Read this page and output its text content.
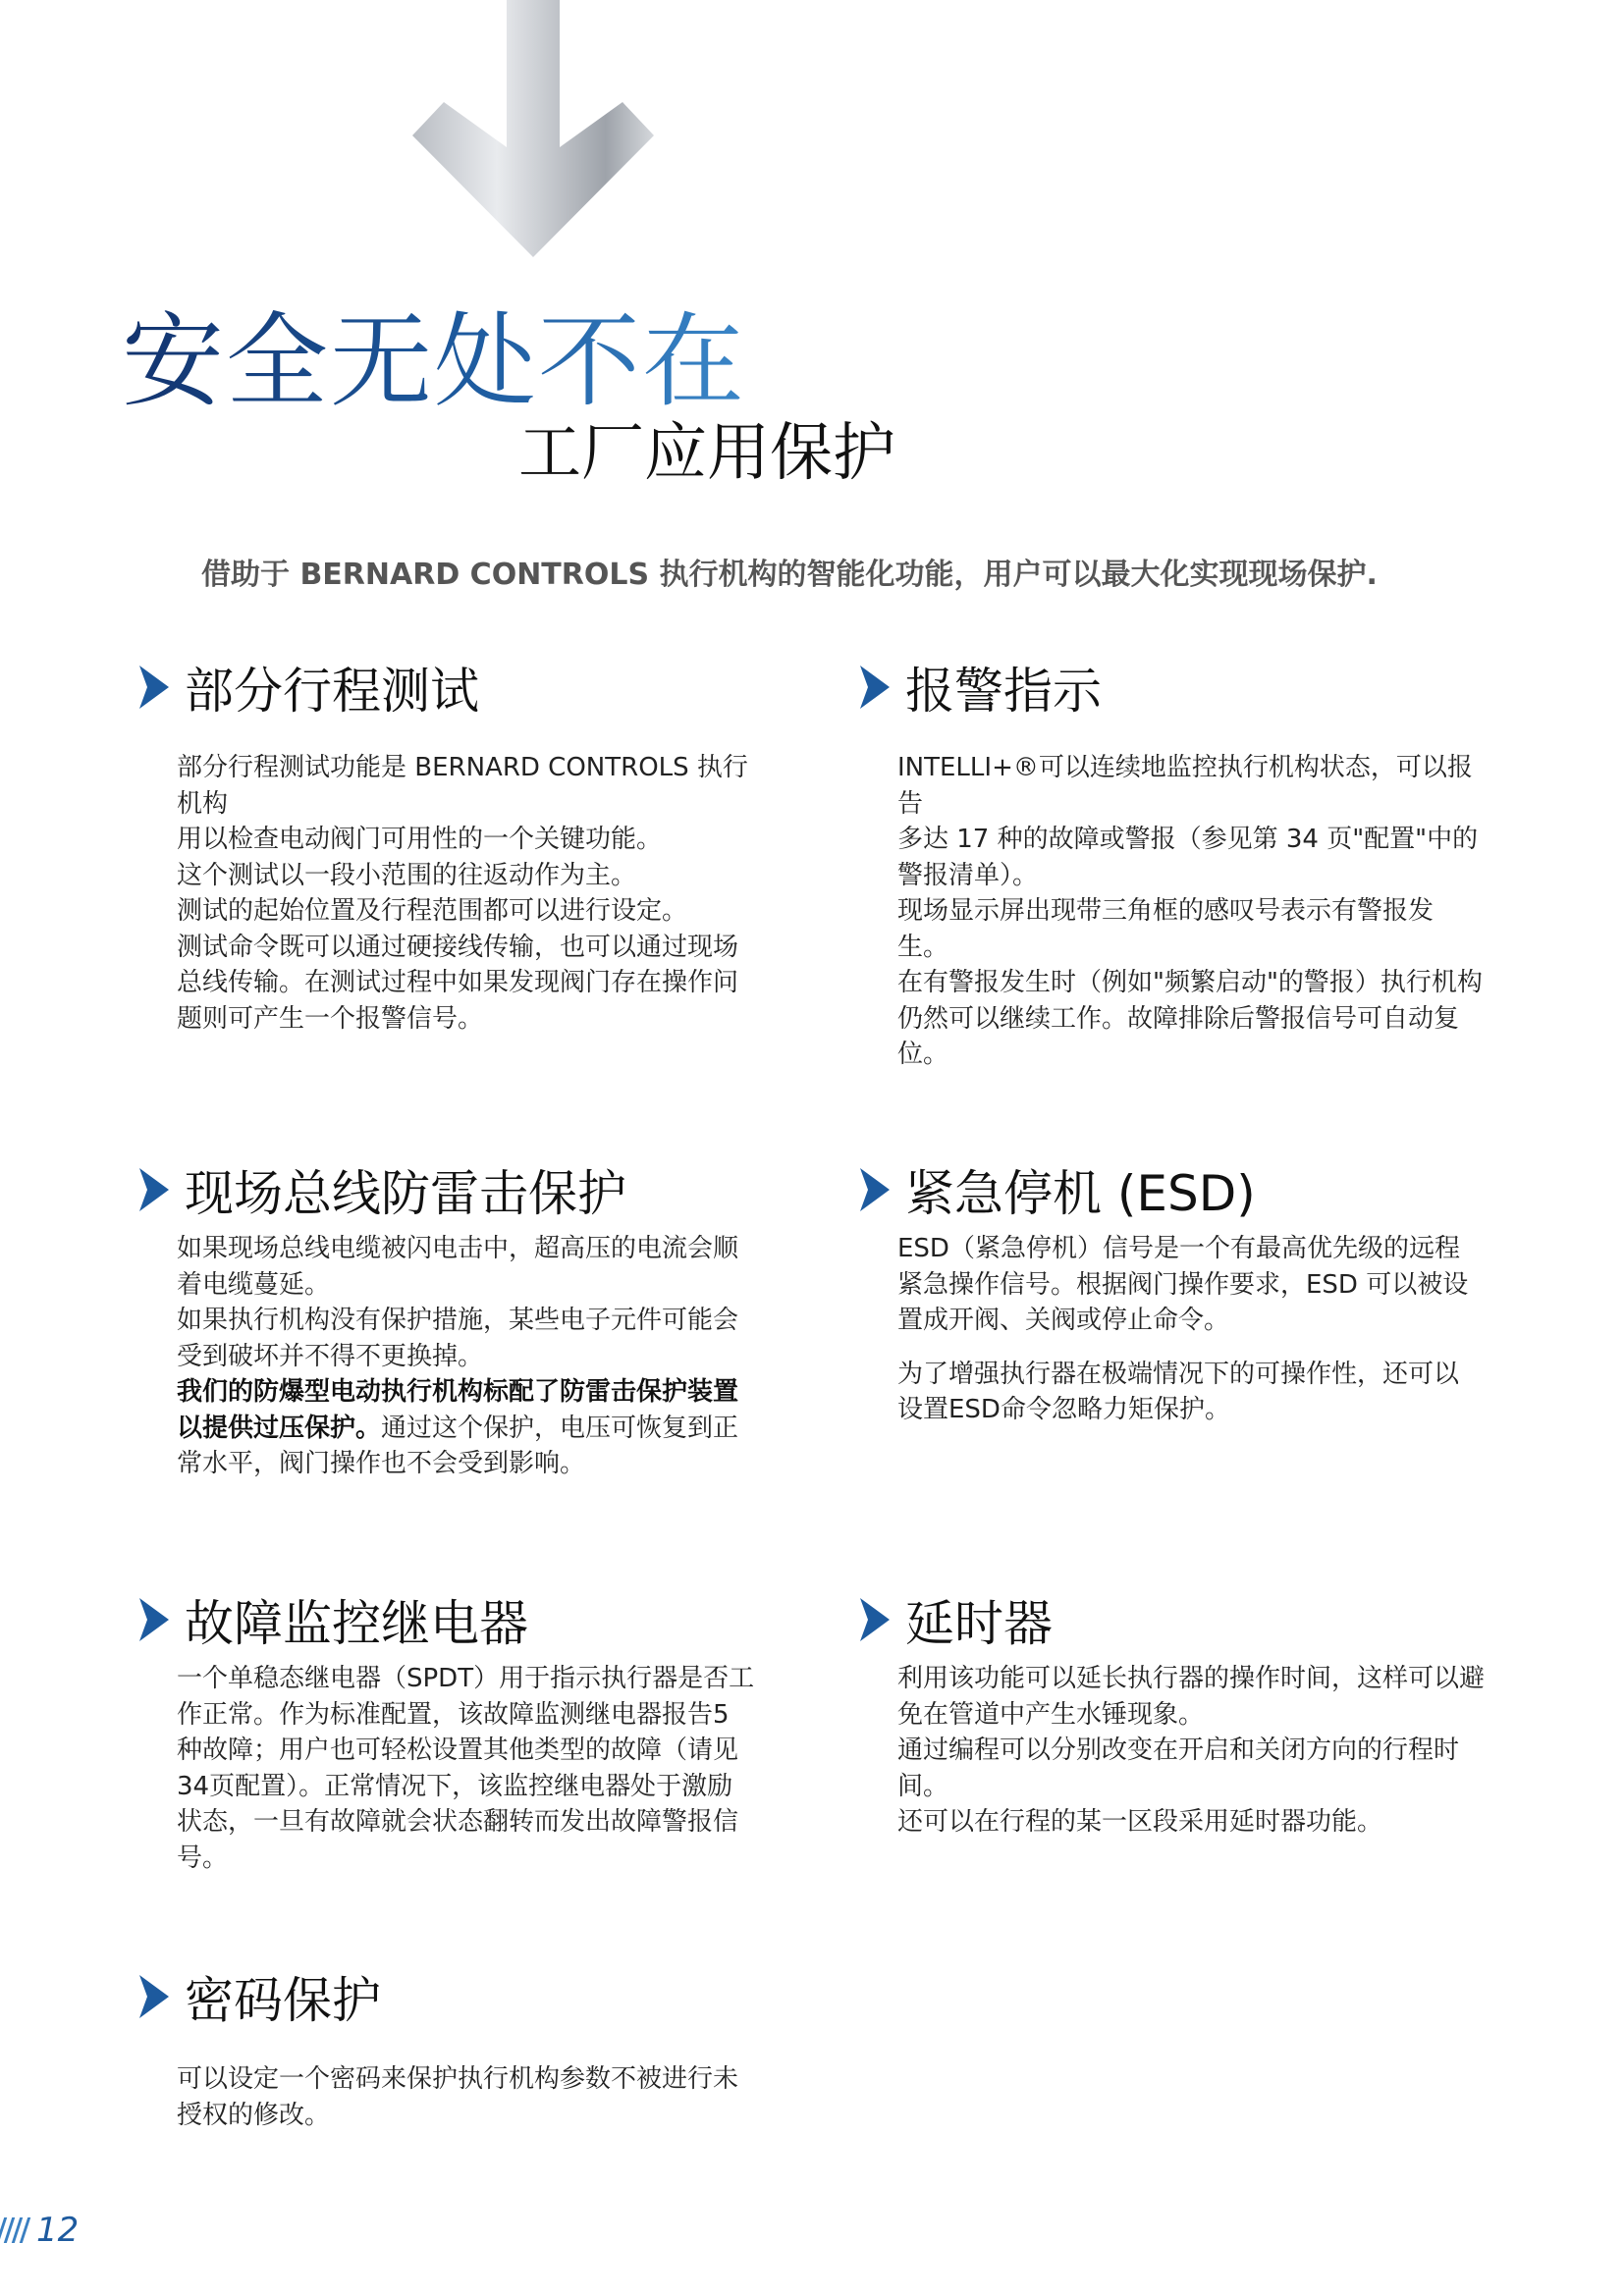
安全无处不在
工厂应用保护

借助于 BERNARD CONTROLS 执行机构的智能化功能，用户可以最大化实现现场保护.

部分行程测试

部分行程测试功能是 BERNARD CONTROLS 执行机构

用以检查电动阀门可用性的一个关键功能。

这个测试以一段小范围的往返动作为主。

测试的起始位置及行程范围都可以进行设定。

测试命令既可以通过硬接线传输，也可以通过现场

总线传输。在测试过程中如果发现阀门存在操作问

题则可产生一个报警信号。

报警指示

INTELLI+®可以连续地监控执行机构状态，可以报告

多达 17 种的故障或警报（参见第 34 页"配置"中的

警报清单）。

现场显示屏出现带三角框的感叹号表示有警报发

生。

在有警报发生时（例如"频繁启动"的警报）执行机构

仍然可以继续工作。故障排除后警报信号可自动复

位。

现场总线防雷击保护

如果现场总线电缆被闪电击中，超高压的电流会顺

着电缆蔓延。

如果执行机构没有保护措施，某些电子元件可能会

受到破坏并不得不更换掉。

我们的防爆型电动执行机构标配了防雷击保护装置

以提供过压保护。通过这个保护，电压可恢复到正

常水平，阀门操作也不会受到影响。

紧急停机 (ESD)

ESD（紧急停机）信号是一个有最高优先级的远程

紧急操作信号。根据阀门操作要求，ESD 可以被设

置成开阀、关阀或停止命令。

为了增强执行器在极端情况下的可操作性，还可以

设置ESD命令忽略力矩保护。

故障监控继电器

一个单稳态继电器（SPDT）用于指示执行器是否工

作正常。作为标准配置，该故障监测继电器报告5

种故障；用户也可轻松设置其他类型的故障（请见

34页配置）。正常情况下，该监控继电器处于激励

状态，一旦有故障就会状态翻转而发出故障警报信

号。

延时器

利用该功能可以延长执行器的操作时间，这样可以避

免在管道中产生水锤现象。

通过编程可以分别改变在开启和关闭方向的行程时

间。

还可以在行程的某一区段采用延时器功能。

密码保护

可以设定一个密码来保护执行机构参数不被进行未

授权的修改。

12
